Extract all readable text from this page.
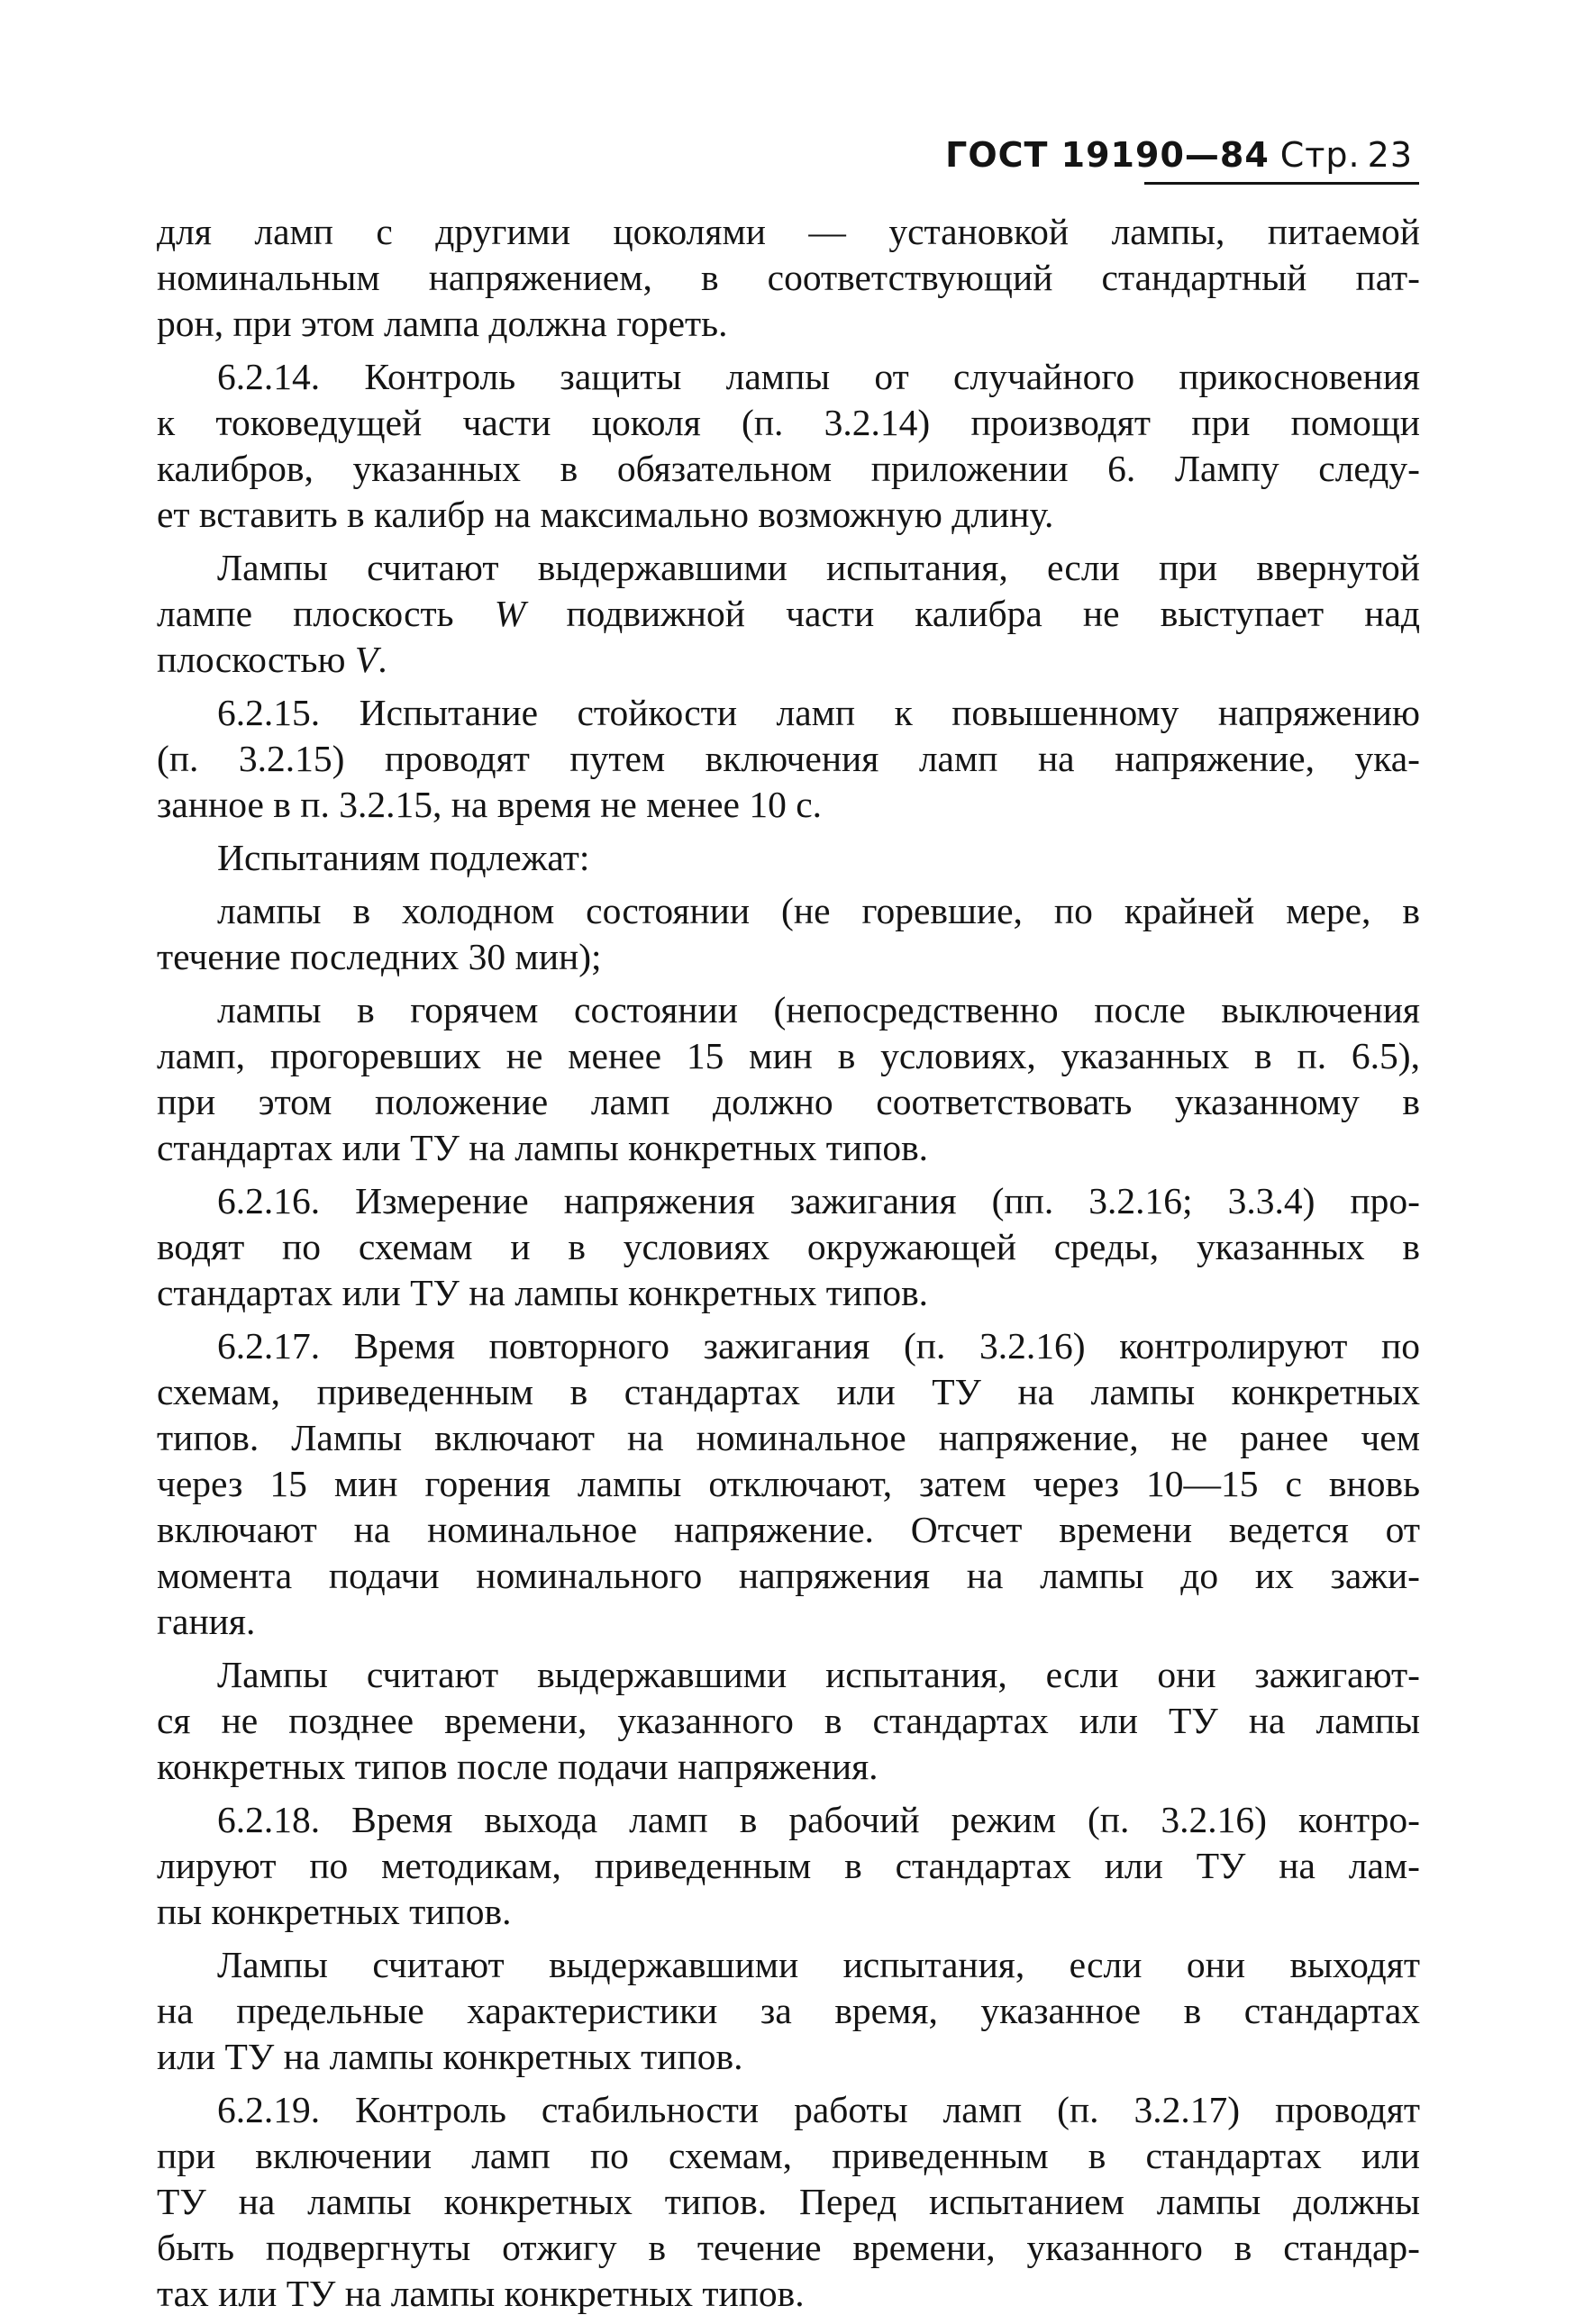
ГОСТ 19190—84 Стр. 23
для ламп с другими цоколями — установкой лампы, питаемой
номинальным напряжением, в соответствующий стандартный пат-
рон, при этом лампа должна гореть.
6.2.14. Контроль защиты лампы от случайного прикосновения
к токоведущей части цоколя (п. 3.2.14) производят при помощи
калибров, указанных в обязательном приложении 6. Лампу следу-
ет вставить в калибр на максимально возможную длину.
Лампы считают выдержавшими испытания, если при ввернутой
лампе плоскость W подвижной части калибра не выступает над
плоскостью V.
6.2.15. Испытание стойкости ламп к повышенному напряжению
(п. 3.2.15) проводят путем включения ламп на напряжение, ука-
занное в п. 3.2.15, на время не менее 10 с.
Испытаниям подлежат:
лампы в холодном состоянии (не горевшие, по крайней мере, в
течение последних 30 мин);
лампы в горячем состоянии (непосредственно после выключения
ламп, прогоревших не менее 15 мин в условиях, указанных в п. 6.5),
при этом положение ламп должно соответствовать указанному в
стандартах или ТУ на лампы конкретных типов.
6.2.16. Измерение напряжения зажигания (пп. 3.2.16; 3.3.4) про-
водят по схемам и в условиях окружающей среды, указанных в
стандартах или ТУ на лампы конкретных типов.
6.2.17. Время повторного зажигания (п. 3.2.16) контролируют по
схемам, приведенным в стандартах или ТУ на лампы конкретных
типов. Лампы включают на номинальное напряжение, не ранее чем
через 15 мин горения лампы отключают, затем через 10—15 с вновь
включают на номинальное напряжение. Отсчет времени ведется от
момента подачи номинального напряжения на лампы до их зажи-
гания.
Лампы считают выдержавшими испытания, если они зажигают-
ся не позднее времени, указанного в стандартах или ТУ на лампы
конкретных типов после подачи напряжения.
6.2.18. Время выхода ламп в рабочий режим (п. 3.2.16) контро-
лируют по методикам, приведенным в стандартах или ТУ на лам-
пы конкретных типов.
Лампы считают выдержавшими испытания, если они выходят
на предельные характеристики за время, указанное в стандартах
или ТУ на лампы конкретных типов.
6.2.19. Контроль стабильности работы ламп (п. 3.2.17) проводят
при включении ламп по схемам, приведенным в стандартах или
ТУ на лампы конкретных типов. Перед испытанием лампы должны
быть подвергнуты отжигу в течение времени, указанного в стандар-
тах или ТУ на лампы конкретных типов.
